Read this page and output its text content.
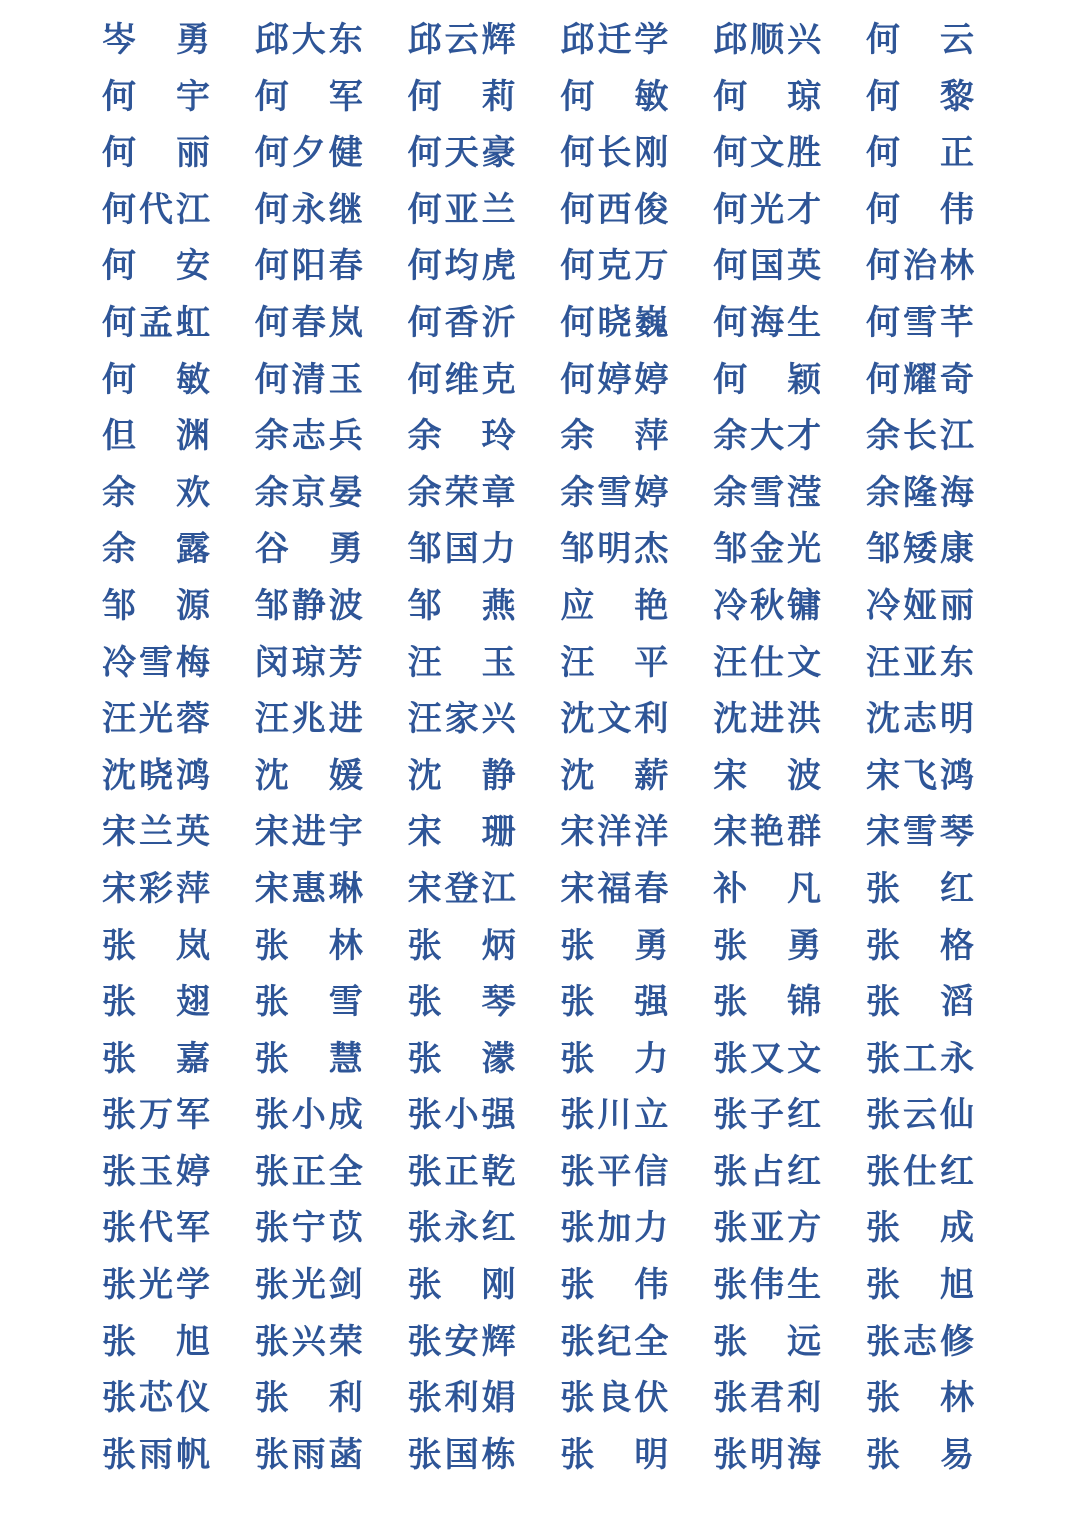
岑 勇 邱大东 邱云辉 邱迁学 邱顺兴 何 云
何 宇 何 军 何 莉 何 敏 何 琼 何 黎
何 丽 何夕健 何天豪 何长刚 何文胜 何 正
何代江 何永继 何亚兰 何西俊 何光才 何 伟
何 安 何阳春 何均虎 何克万 何国英 何治林
何孟虹 何春岚 何香沂 何晓巍 何海生 何雪芊
何 敏 何清玉 何维克 何婷婷 何 颖 何耀奇
但 渊 余志兵 余 玲 余 萍 余大才 余长江
余 欢 余京晏 余荣章 余雪婷 余雪滢 余隆海
余 露 谷 勇 邹国力 邹明杰 邹金光 邹矮康
邹 源 邹静波 邹 燕 应 艳 冷秋镛 冷娅丽
冷雪梅 闵琼芳 汪 玉 汪 平 汪仕文 汪亚东
汪光蓉 汪兆进 汪家兴 沈文利 沈进洪 沈志明
沈晓鸿 沈 媛 沈 静 沈 薪 宋 波 宋飞鸿
宋兰英 宋进宇 宋 珊 宋洋洋 宋艳群 宋雪琴
宋彩萍 宋惠琳 宋登江 宋福春 补 凡 张 红
张 岚 张 林 张 炳 张 勇 张 勇 张 格
张 翅 张 雪 张 琴 张 强 张 锦 张 滔
张 嘉 张 慧 张 濛 张 力 张又文 张工永
张万军 张小成 张小强 张川立 张子红 张云仙
张玉婷 张正全 张正乾 张平信 张占红 张仕红
张代军 张宁苡 张永红 张加力 张亚方 张 成
张光学 张光剑 张 刚 张 伟 张伟生 张 旭
张 旭 张兴荣 张安辉 张纪全 张 远 张志修
张芯仪 张 利 张利娟 张良伏 张君利 张 林
张雨帆 张雨菡 张国栋 张 明 张明海 张 易
